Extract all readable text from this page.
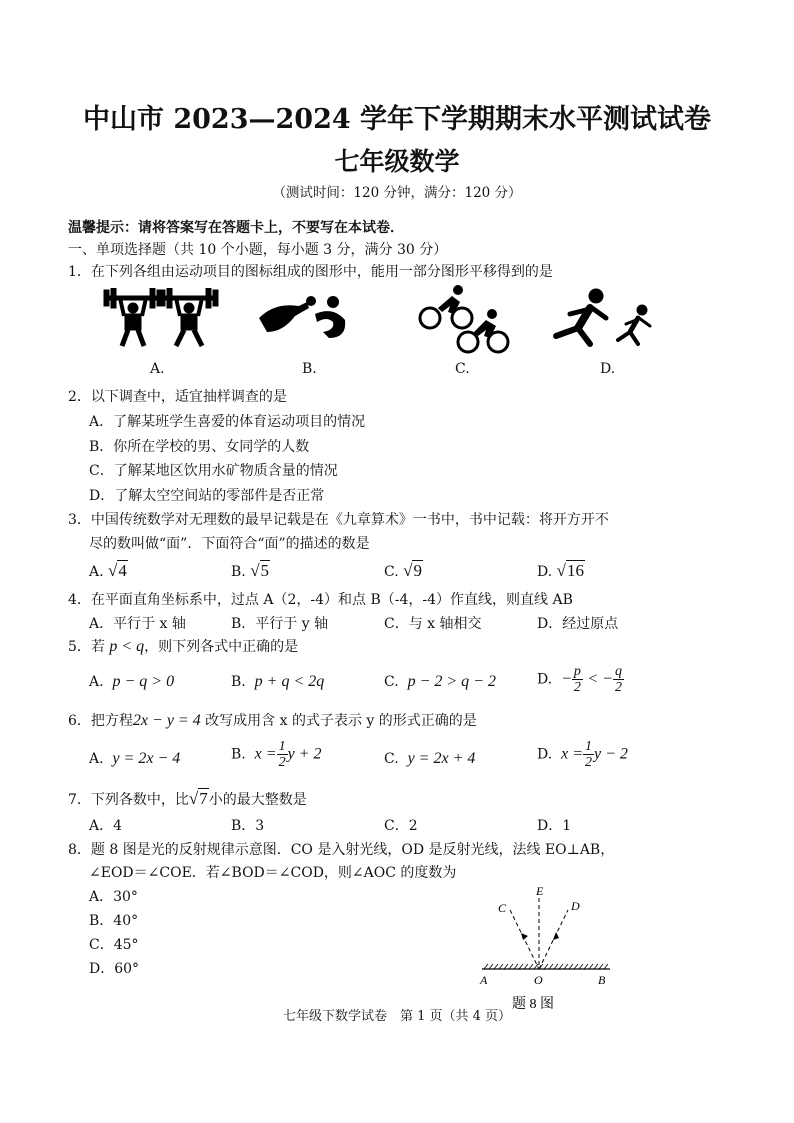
中山市 2023—2024 学年下学期期末水平测试试卷
七年级数学
（测试时间：120 分钟，满分：120 分）
温馨提示：请将答案写在答题卡上，不要写在本试卷．
一、单项选择题（共 10 个小题，每小题 3 分，满分 30 分）
1．在下列各组由运动项目的图标组成的图形中，能用一部分图形平移得到的是
A.	B.	C.	D.
2．以下调查中，适宜抽样调查的是
A．了解某班学生喜爱的体育运动项目的情况
B．你所在学校的男、女同学的人数
C．了解某地区饮用水矿物质含量的情况
D．了解太空空间站的零部件是否正常
3．中国传统数学对无理数的最早记载是在《九章算术》一书中，书中记载：将开方开不
尽的数叫做“面”．下面符合“面”的描述的数是
A. √4	B. √5	C. √9	D. √16
4．在平面直角坐标系中，过点 A（2，-4）和点 B（-4，-4）作直线，则直线 AB
A．平行于 x 轴	B．平行于 y 轴	C．与 x 轴相交	D．经过原点
5．若 p < q，则下列各式中正确的是
A. p − q > 0	B. p + q < 2q	C. p − 2 > q − 2	D. − $\frac{p}{2}$ < − $\frac{q}{2}$
6．把方程2x − y = 4 改写成用含 x 的式子表示 y 的形式正确的是
A. y = 2x − 4	B. $x = \frac{1}{2}$ y + 2	C. y = 2x + 4	D. $x = \frac{1}{2}$ y − 2
7．下列各数中，比√7小的最大整数是
A．4	B．3	C．2	D．1
8．题 8 图是光的反射规律示意图．CO 是入射光线，OD 是反射光线，法线 EO⊥AB，
∠EOD＝∠COE．若∠BOD＝∠COD，则∠AOC 的度数为
A．30°
B．40°
C．45°
D．60°
E
C	D
A	O	B
题 8 图
七年级下数学试卷　第 1 页（共 4 页）
